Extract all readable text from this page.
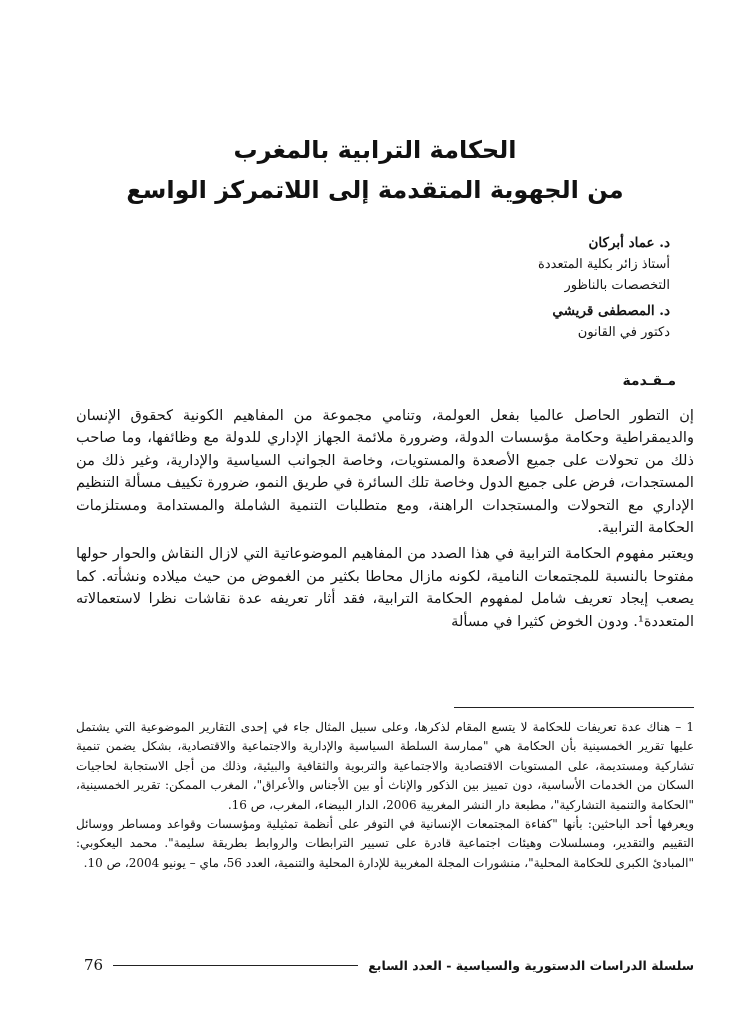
الحكامة الترابية بالمغرب
من الجهوية المتقدمة إلى اللاتمركز الواسع
د. عماد أبركان
أستاذ زائر بكلية المتعددة
التخصصات بالناظور
د. المصطفى قريشي
دكتور في القانون
مـقـدمة

إن التطور الحاصل عالميا بفعل العولمة، وتنامي مجموعة من المفاهيم الكونية كحقوق الإنسان والديمقراطية وحكامة مؤسسات الدولة، وضرورة ملائمة الجهاز الإداري للدولة مع وظائفها، وما صاحب ذلك من تحولات على جميع الأصعدة والمستويات، وخاصة الجوانب السياسية والإدارية، وغير ذلك من المستجدات، فرض على جميع الدول وخاصة تلك السائرة في طريق النمو، ضرورة تكييف مسألة التنظيم الإداري مع التحولات والمستجدات الراهنة، ومع متطلبات التنمية الشاملة والمستدامة ومستلزمات الحكامة الترابية.

ويعتبر مفهوم الحكامة الترابية في هذا الصدد من المفاهيم الموضوعاتية التي لازال النقاش والحوار حولها مفتوحا بالنسبة للمجتمعات النامية، لكونه مازال محاطا بكثير من الغموض من حيث ميلاده ونشأته. كما يصعب إيجاد تعريف شامل لمفهوم الحكامة الترابية، فقد أثار تعريفه عدة نقاشات نظرا لاستعمالاته المتعددة¹. ودون الخوض كثيرا في مسألة

1 – هناك عدة تعريفات للحكامة لا يتسع المقام لذكرها، وعلى سبيل المثال جاء في إحدى التقارير الموضوعية التي يشتمل عليها تقرير الخمسينية بأن الحكامة هي "ممارسة السلطة السياسية والإدارية والاجتماعية والاقتصادية، بشكل يضمن تنمية تشاركية ومستديمة، على المستويات الاقتصادية والاجتماعية والتربوية والثقافية والبيئية، وذلك من أجل الاستجابة لحاجيات السكان من الخدمات الأساسية، دون تمييز بين الذكور والإناث أو بين الأجناس والأعراق"، المغرب الممكن: تقرير الخمسينية، "الحكامة والتنمية التشاركية"، مطبعة دار النشر المغربية 2006، الدار البيضاء، المغرب، ص 16.

ويعرفها أحد الباحثين: بأنها "كفاءة المجتمعات الإنسانية في التوفر على أنظمة تمثيلية ومؤسسات وقواعد ومساطر ووسائل التقييم والتقدير، ومسلسلات وهيئات اجتماعية قادرة على تسيير الترابطات والروابط بطريقة سليمة". محمد اليعكوبي: "المبادئ الكبرى للحكامة المحلية"، منشورات المجلة المغربية للإدارة المحلية والتنمية، العدد 56، ماي – يونيو 2004، ص 10.

سلسلة الدراسات الدستورية والسياسية - العدد السابع
76
